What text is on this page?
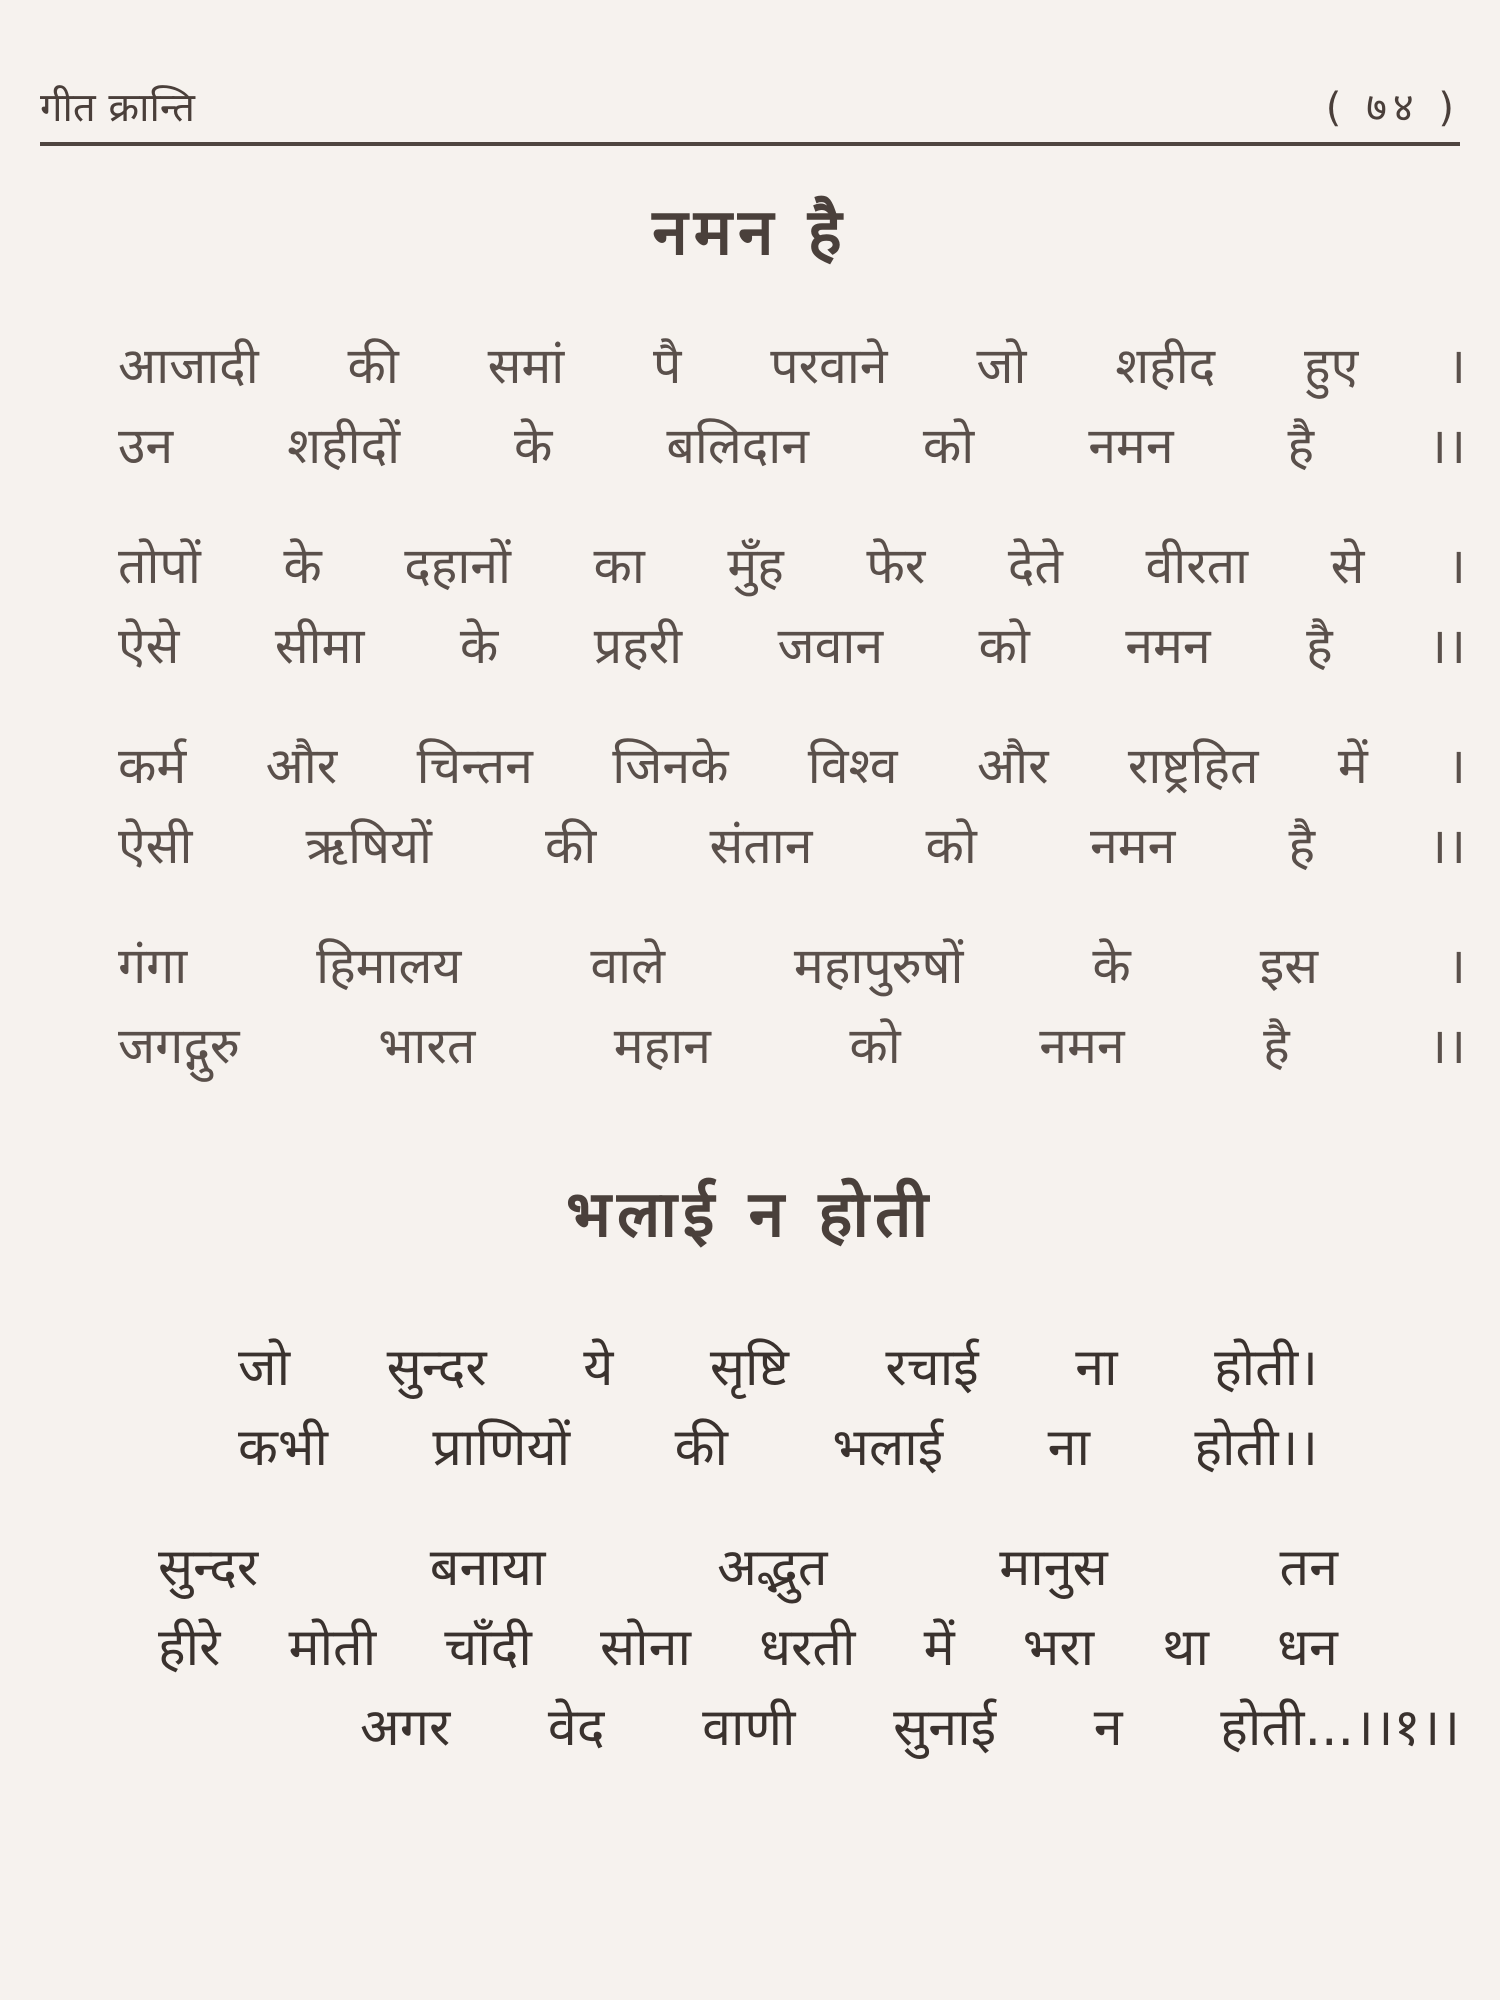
गीत क्रान्ति	( ७४ )
नमन है
आजादी की समां पै परवाने जो शहीद हुए ।
उन शहीदों के बलिदान को नमन है ।।
तोपों के दहानों का मुँह फेर देते वीरता से ।
ऐसे सीमा के प्रहरी जवान को नमन है ।।
कर्म और चिन्तन जिनके विश्व और राष्ट्रहित में ।
ऐसी ऋषियों की संतान को नमन है ।।
गंगा	हिमालय	वाले	महापुरुषों	के	इस	।
जगद्गुरु	भारत	महान	को	नमन	है	।।
भलाई न होती
जो सुन्दर ये सृष्टि रचाई ना होती।
कभी प्राणियों की भलाई ना होती।।
सुन्दर	बनाया	अद्भुत	मानुस	तन
हीरे मोती चाँदी सोना धरती में भरा था धन
अगर वेद वाणी सुनाई न होती...।।१।।
